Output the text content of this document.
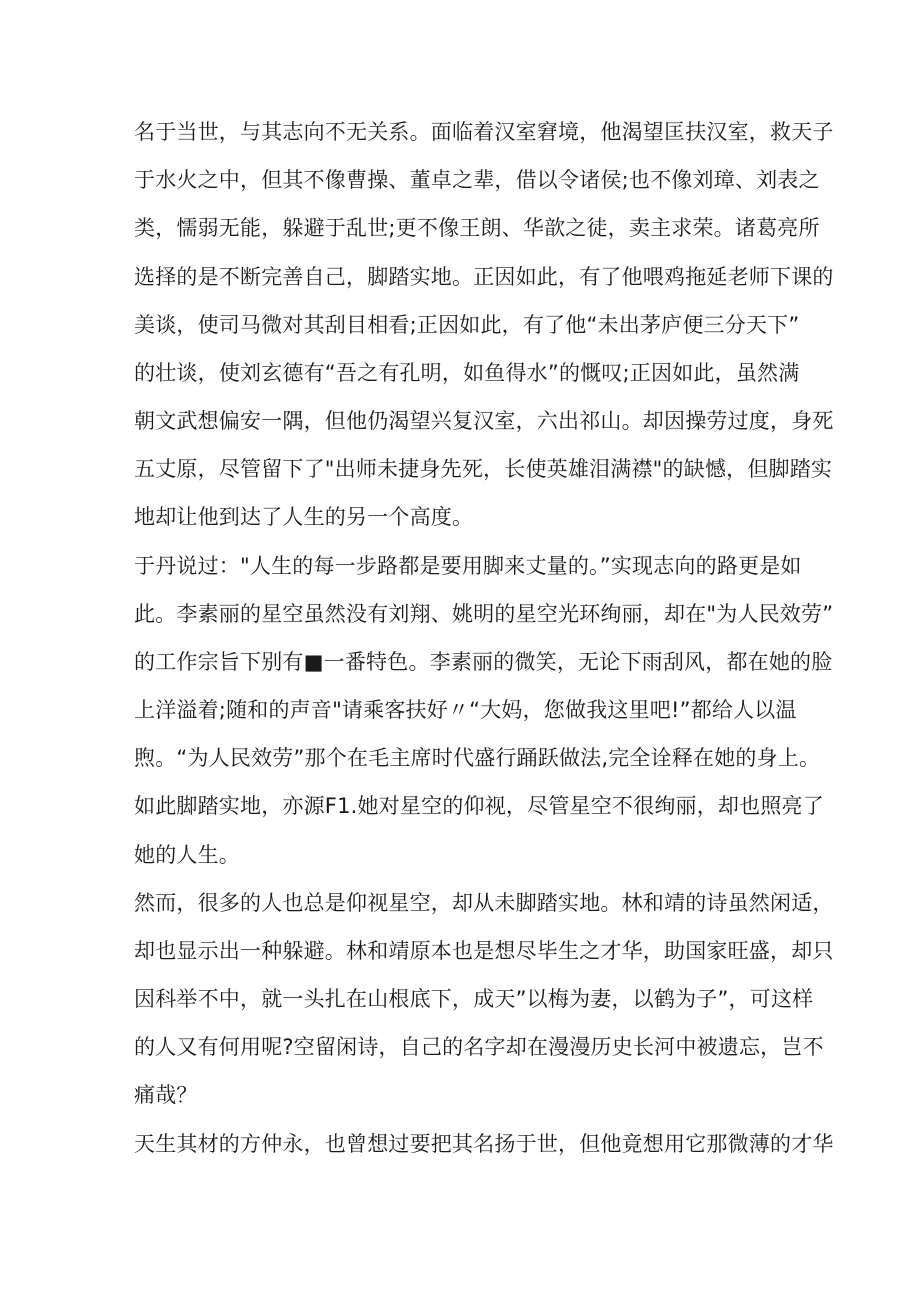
名于当世，与其志向不无关系。面临着汉室窘境，他渴望匡扶汉室，救天子
于水火之中，但其不像曹操、董卓之辈，借以令诸侯;也不像刘璋、刘表之
类，懦弱无能，躲避于乱世;更不像王朗、华歆之徒，卖主求荣。诸葛亮所
选择的是不断完善自己，脚踏实地。正因如此，有了他喂鸡拖延老师下课的
美谈，使司马微对其刮目相看;正因如此，有了他“未出茅庐便三分天下”
的壮谈，使刘玄德有“吾之有孔明，如鱼得水”的慨叹;正因如此，虽然满
朝文武想偏安一隅，但他仍渴望兴复汉室，六出祁山。却因操劳过度，身死
五丈原，尽管留下了"出师未捷身先死，长使英雄泪满襟"的缺憾，但脚踏实
地却让他到达了人生的另一个高度。
于丹说过："人生的每一步路都是要用脚来丈量的。”实现志向的路更是如
此。李素丽的星空虽然没有刘翔、姚明的星空光环绚丽，却在"为人民效劳”
的工作宗旨下别有■一番特色。李素丽的微笑，无论下雨刮风，都在她的脸
上洋溢着;随和的声音"请乘客扶好〃“大妈，您做我这里吧!”都给人以温
煦。“为人民效劳”那个在毛主席时代盛行踊跃做法,完全诠释在她的身上。
如此脚踏实地，亦源F1.她对星空的仰视，尽管星空不很绚丽，却也照亮了
她的人生。
然而，很多的人也总是仰视星空，却从未脚踏实地。林和靖的诗虽然闲适，
却也显示出一种躲避。林和靖原本也是想尽毕生之才华，助国家旺盛，却只
因科举不中，就一头扎在山根底下，成天”以梅为妻，以鹤为子”，可这样
的人又有何用呢?空留闲诗，自己的名字却在漫漫历史长河中被遗忘，岂不
痛哉？
天生其材的方仲永，也曾想过要把其名扬于世，但他竟想用它那微薄的才华
